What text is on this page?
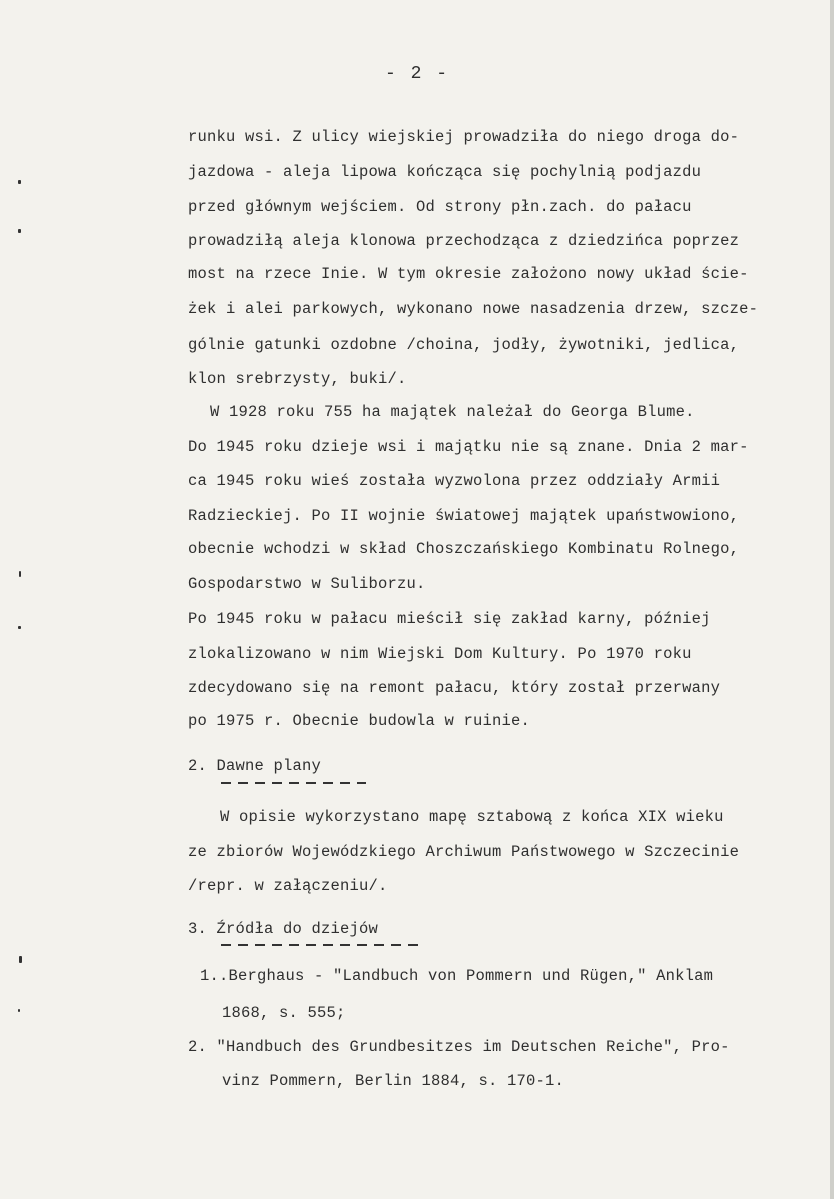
- 2 -
runku wsi. Z ulicy wiejskiej prowadziła do niego droga do-
jazdowa - aleja lipowa kończąca się pochylnią podjazdu
przed głównym wejściem. Od strony płn.zach. do pałacu
prowadziłą aleja klonowa przechodząca z dziedzińca poprzez
most na rzece Inie. W tym okresie założono nowy układ ście-
żek i alei parkowych, wykonano nowe nasadzenia drzew, szcze-
gólnie gatunki ozdobne /choina, jodły, żywotniki, jedlica,
klon srebrzysty, buki/.
W 1928 roku 755 ha majątek należał do Georga Blume.
Do 1945 roku dzieje wsi i majątku nie są znane. Dnia 2 mar-
ca 1945 roku wieś została wyzwolona przez oddziały Armii
Radzieckiej. Po II wojnie światowej majątek upaństwowiono,
obecnie wchodzi w skład Choszczańskiego Kombinatu Rolnego,
Gospodarstwo w Suliborzu.
Po 1945 roku w pałacu mieścił się zakład karny, później
zlokalizowano w nim Wiejski Dom Kultury. Po 1970 roku
zdecydowano się na remont pałacu, który został przerwany
po 1975 r. Obecnie budowla w ruinie.
2. Dawne plany
W opisie wykorzystano mapę sztabową z końca XIX wieku
ze zbiorów Wojewódzkiego Archiwum Państwowego w Szczecinie
/repr. w załączeniu/.
3. Źródła do dziejów
1..Berghaus - "Landbuch von Pommern und Rügen," Anklam
1868, s. 555;
2. "Handbuch des Grundbesitzes im Deutschen Reiche", Pro-
vinz Pommern, Berlin 1884, s. 170-1.
